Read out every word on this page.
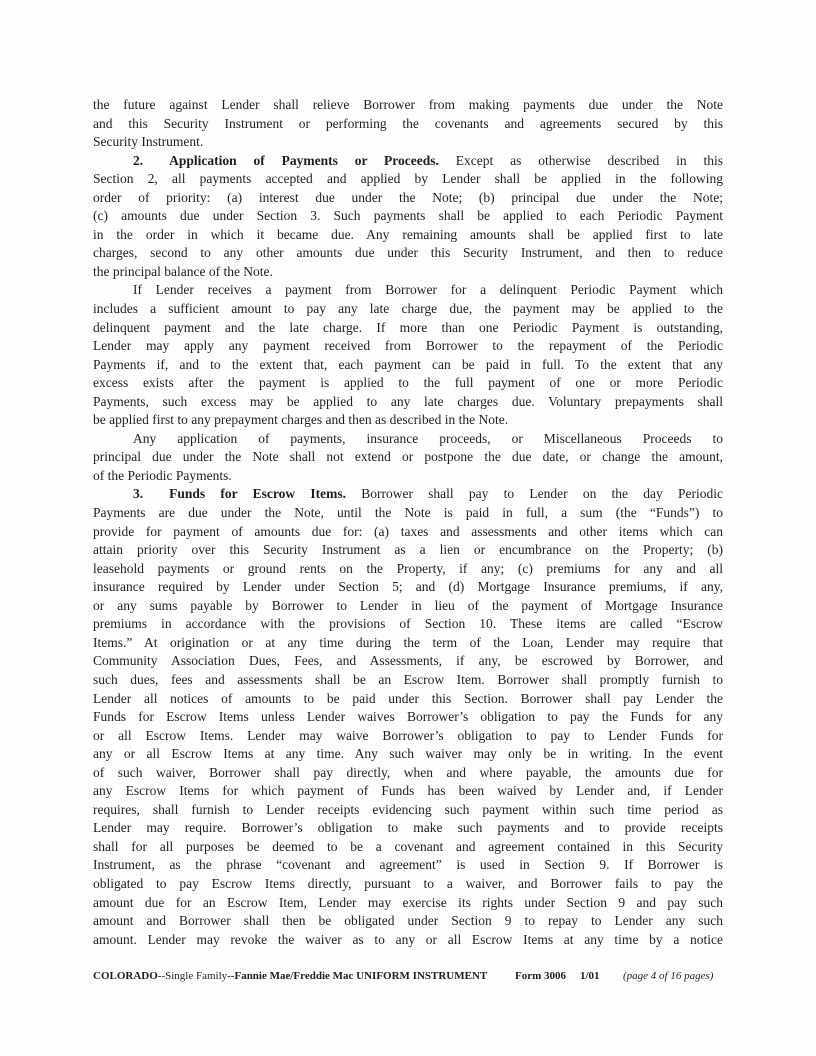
the future against Lender shall relieve Borrower from making payments due under the Note
and this Security Instrument or performing the covenants and agreements secured by this
Security Instrument.
2. Application of Payments or Proceeds. Except as otherwise described in this
Section 2, all payments accepted and applied by Lender shall be applied in the following
order of priority: (a) interest due under the Note; (b) principal due under the Note;
(c) amounts due under Section 3. Such payments shall be applied to each Periodic Payment
in the order in which it became due. Any remaining amounts shall be applied first to late
charges, second to any other amounts due under this Security Instrument, and then to reduce
the principal balance of the Note.
If Lender receives a payment from Borrower for a delinquent Periodic Payment which
includes a sufficient amount to pay any late charge due, the payment may be applied to the
delinquent payment and the late charge. If more than one Periodic Payment is outstanding,
Lender may apply any payment received from Borrower to the repayment of the Periodic
Payments if, and to the extent that, each payment can be paid in full. To the extent that any
excess exists after the payment is applied to the full payment of one or more Periodic
Payments, such excess may be applied to any late charges due. Voluntary prepayments shall
be applied first to any prepayment charges and then as described in the Note.
Any application of payments, insurance proceeds, or Miscellaneous Proceeds to
principal due under the Note shall not extend or postpone the due date, or change the amount,
of the Periodic Payments.
3. Funds for Escrow Items. Borrower shall pay to Lender on the day Periodic
Payments are due under the Note, until the Note is paid in full, a sum (the “Funds”) to
provide for payment of amounts due for: (a) taxes and assessments and other items which can
attain priority over this Security Instrument as a lien or encumbrance on the Property; (b)
leasehold payments or ground rents on the Property, if any; (c) premiums for any and all
insurance required by Lender under Section 5; and (d) Mortgage Insurance premiums, if any,
or any sums payable by Borrower to Lender in lieu of the payment of Mortgage Insurance
premiums in accordance with the provisions of Section 10. These items are called “Escrow
Items.” At origination or at any time during the term of the Loan, Lender may require that
Community Association Dues, Fees, and Assessments, if any, be escrowed by Borrower, and
such dues, fees and assessments shall be an Escrow Item. Borrower shall promptly furnish to
Lender all notices of amounts to be paid under this Section. Borrower shall pay Lender the
Funds for Escrow Items unless Lender waives Borrower’s obligation to pay the Funds for any
or all Escrow Items. Lender may waive Borrower’s obligation to pay to Lender Funds for
any or all Escrow Items at any time. Any such waiver may only be in writing. In the event
of such waiver, Borrower shall pay directly, when and where payable, the amounts due for
any Escrow Items for which payment of Funds has been waived by Lender and, if Lender
requires, shall furnish to Lender receipts evidencing such payment within such time period as
Lender may require. Borrower’s obligation to make such payments and to provide receipts
shall for all purposes be deemed to be a covenant and agreement contained in this Security
Instrument, as the phrase “covenant and agreement” is used in Section 9. If Borrower is
obligated to pay Escrow Items directly, pursuant to a waiver, and Borrower fails to pay the
amount due for an Escrow Item, Lender may exercise its rights under Section 9 and pay such
amount and Borrower shall then be obligated under Section 9 to repay to Lender any such
amount. Lender may revoke the waiver as to any or all Escrow Items at any time by a notice
COLORADO--Single Family--Fannie Mae/Freddie Mac UNIFORM INSTRUMENT	Form 3006 1/01 (page 4 of 16 pages)
